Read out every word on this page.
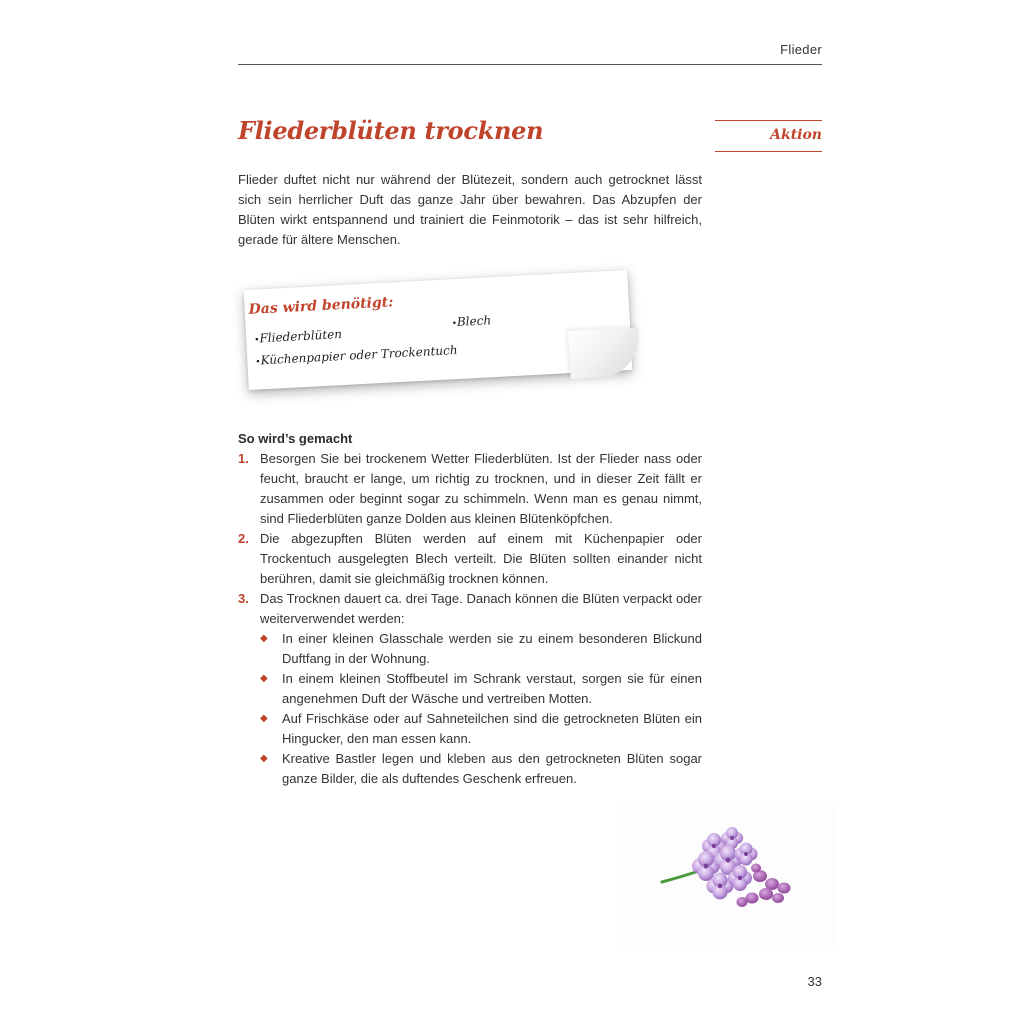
Flieder
Fliederblüten trocknen	Aktion

Flieder duftet nicht nur während der Blütezeit, sondern auch getrocknet lässt sich sein herrlicher Duft das ganze Jahr über bewahren. Das Abzupfen der Blüten wirkt entspannend und trainiert die Feinmotorik – das ist sehr hilfreich, gerade für ältere Menschen.

Das wird benötigt:
• Fliederblüten
• Küchenpapier oder Trockentuch
• Blech
So wird’s gemacht
1. Besorgen Sie bei trockenem Wetter Fliederblüten. Ist der Flieder nass oder feucht, braucht er lange, um richtig zu trocknen, und in dieser Zeit fällt er zusammen oder beginnt sogar zu schimmeln. Wenn man es genau nimmt, sind Fliederblüten ganze Dolden aus kleinen Blütenköpfchen.
2. Die abgezupften Blüten werden auf einem mit Küchenpapier oder Trockentuch ausgelegten Blech verteilt. Die Blüten sollten einander nicht berühren, damit sie gleichmäßig trocknen können.
3. Das Trocknen dauert ca. drei Tage. Danach können die Blüten verpackt oder weiterverwendet werden:
◆ In einer kleinen Glasschale werden sie zu einem besonderen Blickund Duftfang in der Wohnung.
◆ In einem kleinen Stoffbeutel im Schrank verstaut, sorgen sie für einen angenehmen Duft der Wäsche und vertreiben Motten.
◆ Auf Frischkäse oder auf Sahneteilchen sind die getrockneten Blüten ein Hingucker, den man essen kann.
◆ Kreative Bastler legen und kleben aus den getrockneten Blüten sogar ganze Bilder, die als duftendes Geschenk erfreuen.
33
